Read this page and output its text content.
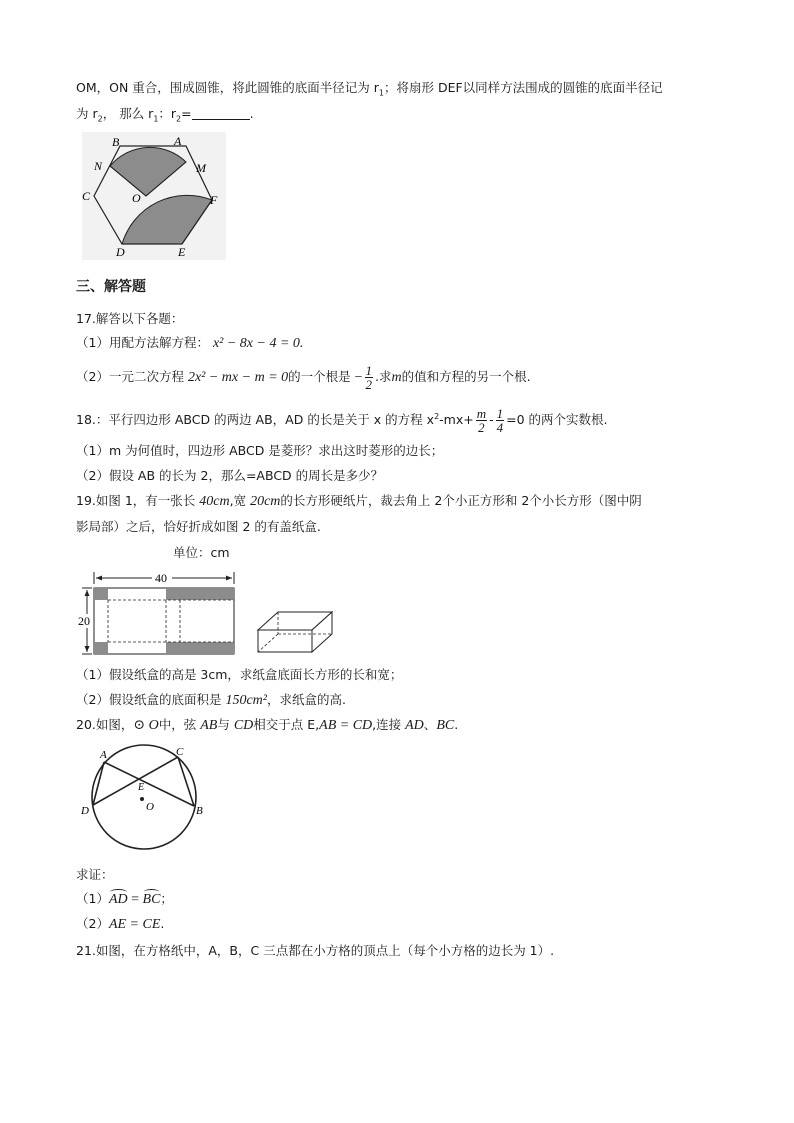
OM，ON 重合，围成圆锥，将此圆锥的底面半径记为 $r_1$；将扇形 DEF以同样方法围成的圆锥的底面半径记
为 $r_2$， 那么 $r_1$：$r_2=$	.
B	A
N	M
C	O	F
D	E
三、解答题
17.解答以下各题：
（1）用配方法解方程： x² − 8x − 4 = 0.
（2）一元二次方程 2x² − mx − m = 0的一个根是 − $\frac{1}{2}$ .求m的值和方程的另一个根.
18.：平行四边形 ABCD 的两边 AB，AD 的长是关于 x 的方程 $x^2-mx+ \frac{m}{2} - \frac{1}{4} =0$ 的两个实数根.
（1）m 为何值时，四边形 ABCD 是菱形？求出这时菱形的边长；
（2）假设 AB 的长为 2，那么=ABCD 的周长是多少？
19.如图 1，有一张长 40cm,宽 20cm的长方形硬纸片，裁去角上 2个小正方形和 2个小长方形（图中阴
影局部）之后，恰好折成如图 2 的有盖纸盒.
单位：cm
40
20
（1）假设纸盒的高是 3cm，求纸盒底面长方形的长和宽；
（2）假设纸盒的底面积是 150cm²，求纸盒的高.
20.如图，⊙ O中，弦 AB与 CD相交于点 E,AB = CD,连接 AD、BC.
A	C
E
D	O	B
求证：
（1）AD = BC；
（2）AE = CE.
21.如图，在方格纸中，A，B，C 三点都在小方格的顶点上（每个小方格的边长为 1）.
